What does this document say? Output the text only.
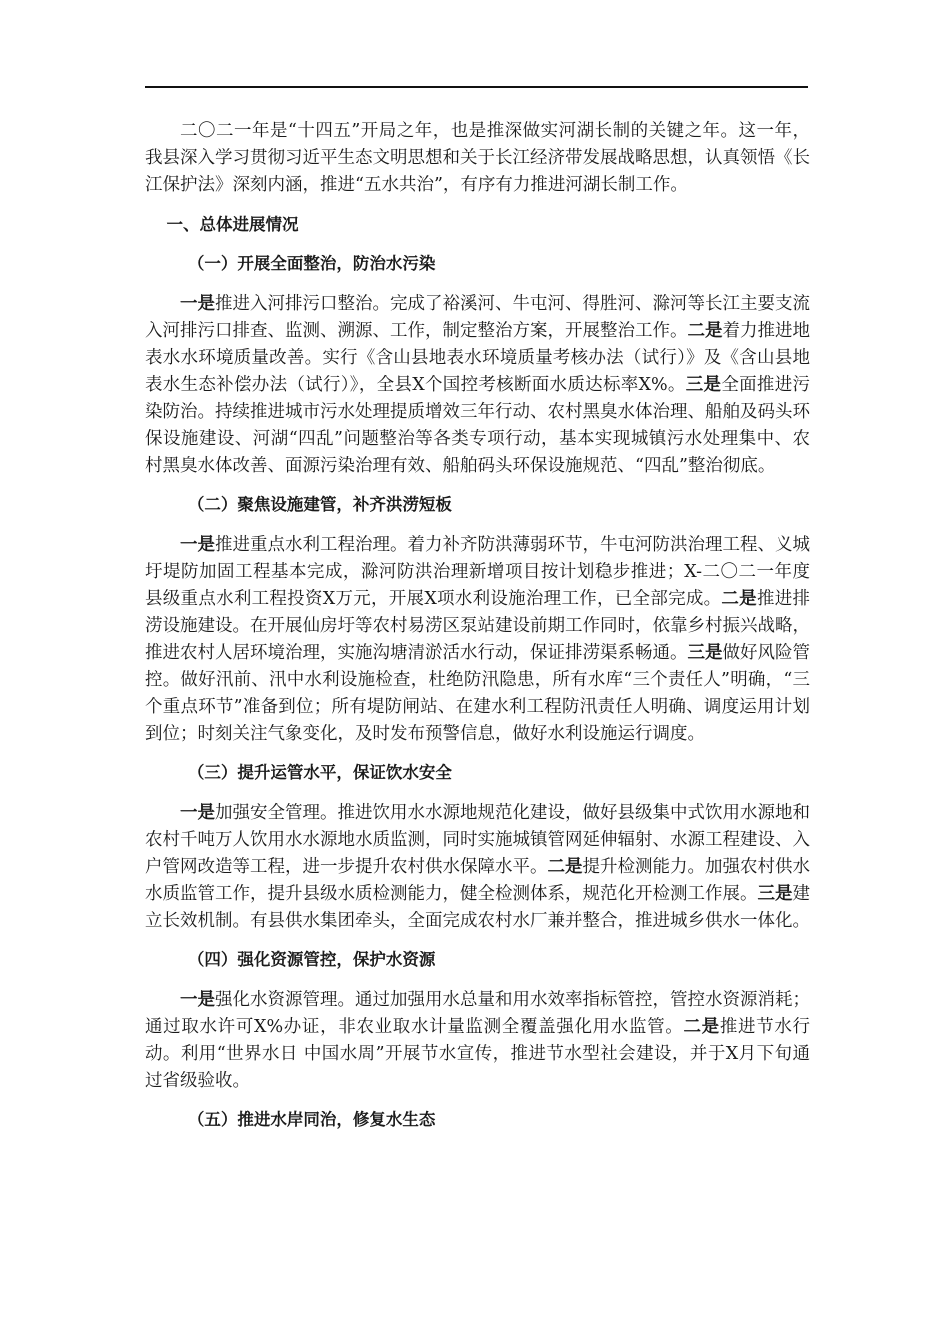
二〇二一年是“十四五”开局之年，也是推深做实河湖长制的关键之年。这一年，我县深入学习贯彻习近平生态文明思想和关于长江经济带发展战略思想，认真领悟《长江保护法》深刻内涵，推进“五水共治”，有序有力推进河湖长制工作。

一、总体进展情况

（一）开展全面整治，防治水污染

一是推进入河排污口整治。完成了裕溪河、牛屯河、得胜河、滁河等长江主要支流入河排污口排查、监测、溯源、工作，制定整治方案，开展整治工作。二是着力推进地表水水环境质量改善。实行《含山县地表水环境质量考核办法（试行）》及《含山县地表水生态补偿办法（试行）》，全县X个国控考核断面水质达标率X%。三是全面推进污染防治。持续推进城市污水处理提质增效三年行动、农村黑臭水体治理、船舶及码头环保设施建设、河湖“四乱”问题整治等各类专项行动，基本实现城镇污水处理集中、农村黑臭水体改善、面源污染治理有效、船舶码头环保设施规范、“四乱”整治彻底。

（二）聚焦设施建管，补齐洪涝短板

一是推进重点水利工程治理。着力补齐防洪薄弱环节，牛屯河防洪治理工程、义城圩堤防加固工程基本完成，滁河防洪治理新增项目按计划稳步推进；X-二〇二一年度县级重点水利工程投资X万元，开展X项水利设施治理工作，已全部完成。二是推进排涝设施建设。在开展仙房圩等农村易涝区泵站建设前期工作同时，依靠乡村振兴战略，推进农村人居环境治理，实施沟塘清淤活水行动，保证排涝渠系畅通。三是做好风险管控。做好汛前、汛中水利设施检查，杜绝防汛隐患，所有水库“三个责任人”明确，“三个重点环节”准备到位；所有堤防闸站、在建水利工程防汛责任人明确、调度运用计划到位；时刻关注气象变化，及时发布预警信息，做好水利设施运行调度。

（三）提升运管水平，保证饮水安全

一是加强安全管理。推进饮用水水源地规范化建设，做好县级集中式饮用水源地和农村千吨万人饮用水水源地水质监测，同时实施城镇管网延伸辐射、水源工程建设、入户管网改造等工程，进一步提升农村供水保障水平。二是提升检测能力。加强农村供水水质监管工作，提升县级水质检测能力，健全检测体系，规范化开检测工作展。三是建立长效机制。有县供水集团牵头，全面完成农村水厂兼并整合，推进城乡供水一体化。

（四）强化资源管控，保护水资源

一是强化水资源管理。通过加强用水总量和用水效率指标管控，管控水资源消耗；通过取水许可X%办证，非农业取水计量监测全覆盖强化用水监管。二是推进节水行动。利用“世界水日 中国水周”开展节水宣传，推进节水型社会建设，并于X月下旬通过省级验收。

（五）推进水岸同治，修复水生态
